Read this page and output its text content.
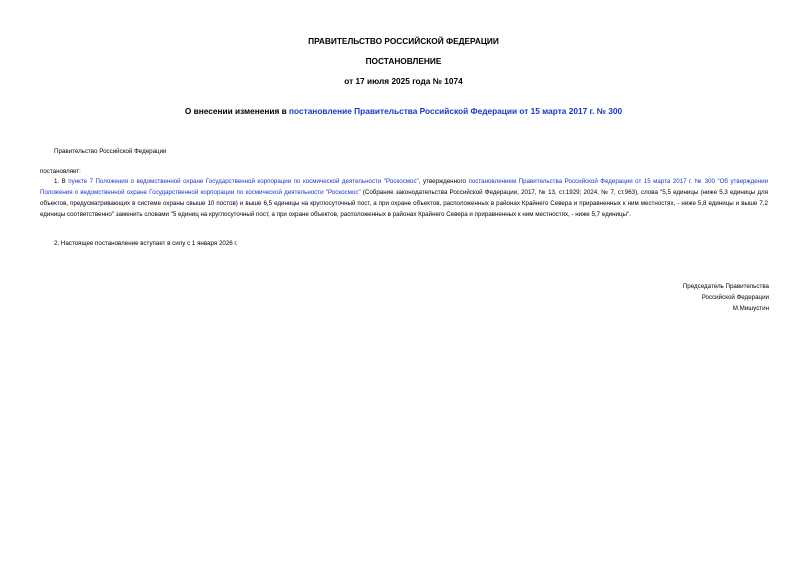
ПРАВИТЕЛЬСТВО РОССИЙСКОЙ ФЕДЕРАЦИИ
ПОСТАНОВЛЕНИЕ
от 17 июля 2025 года № 1074
О внесении изменения в постановление Правительства Российской Федерации от 15 марта 2017 г. № 300
Правительство Российской Федерации
постановляет:
1. В пункте 7 Положения о ведомственной охране Государственной корпорации по космической деятельности "Роскосмос", утвержденного постановлением Правительства Российской Федерации от 15 марта 2017 г. № 300 "Об утверждении Положения о ведомственной охране Государственной корпорации по космической деятельности "Роскосмос" (Собрание законодательства Российской Федерации, 2017, № 13, ст.1929; 2024, № 7, ст.963), слова "5,5 единицы (ниже 5,3 единицы для объектов, предусматривающих в системе охраны свыше 10 постов) и выше 6,5 единицы на круглосуточный пост, а при охране объектов, расположенных в районах Крайнего Севера и приравненных к ним местностях, - ниже 5,8 единицы и выше 7,2 единицы соответственно" заменить словами "5 единиц на круглосуточный пост, а при охране объектов, расположенных в районах Крайнего Севера и приравненных к ним местностях, - ниже 5,7 единицы".
2. Настоящее постановление вступает в силу с 1 января 2026 г.
Председатель Правительства
Российской Федерации
М.Мишустин
